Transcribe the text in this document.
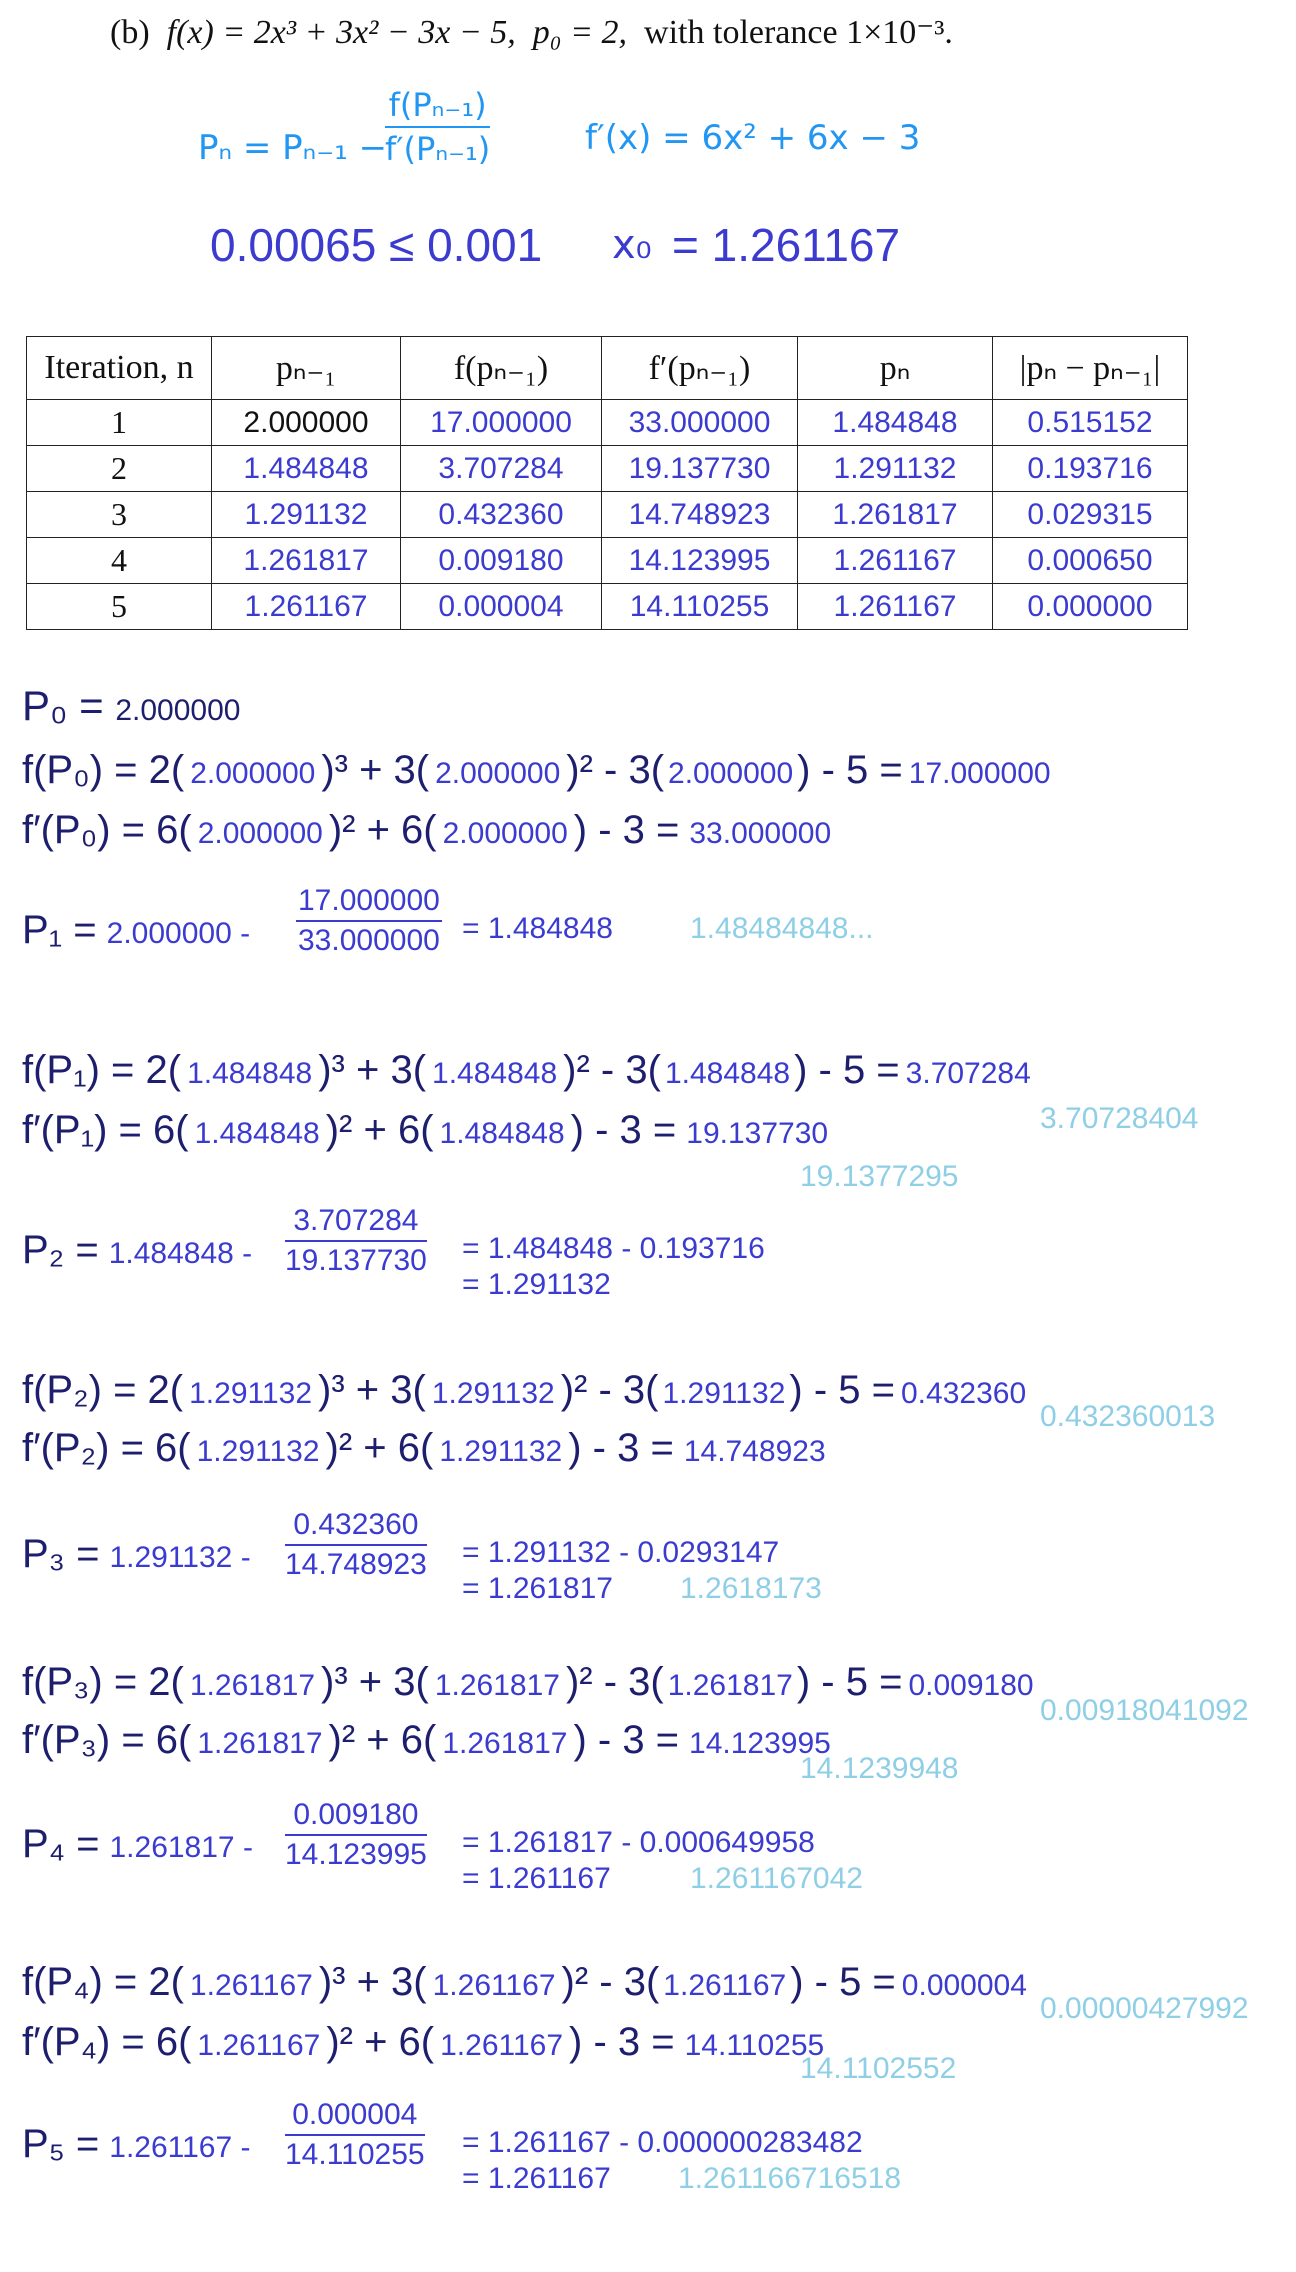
(b) f(x) = 2x³ + 3x² − 3x − 5, p₀ = 2, with tolerance 1×10⁻³.
Pₙ = Pₙ₋₁ −
$\frac{\text{f(Pₙ₋₁)}}{\text{f′(Pₙ₋₁)}}$	f′(x) = 6x² + 6x − 3
0.00065 ≤ 0.001 x₀ = 1.261167
Iteration, n	pₙ₋₁	f(pₙ₋₁)	f′(pₙ₋₁)	pₙ	|pₙ − pₙ₋₁|
1	2.000000	17.000000	33.000000	1.484848	0.515152
2	1.484848	3.707284	19.137730	1.291132	0.193716
3	1.291132	0.432360	14.748923	1.261817	0.029315
4	1.261817	0.009180	14.123995	1.261167	0.000650
5	1.261167	0.000004	14.110255	1.261167	0.000000
P₀ = 2.000000
f(P₀) = 2( 2.000000 )³ + 3( 2.000000 )² - 3( 2.000000 ) - 5 = 17.000000
f′(P₀) = 6( 2.000000 )² + 6( 2.000000 ) - 3 = 33.000000
$P_1 = 2.000000 - \frac{17.000000}{33.000000} = 1.484848$	1.48484848...
f(P₁) = 2( 1.484848 )³ + 3( 1.484848 )² - 3( 1.484848 ) - 5 = 3.707284
3.70728404
f′(P₁) = 6( 1.484848 )² + 6( 1.484848 ) - 3 = 19.137730
19.1377295
$P_2 = 1.484848 - \frac{3.707284}{19.137730} = 1.484848 - 0.193716$
= 1.291132
f(P₂) = 2( 1.291132 )³ + 3( 1.291132 )² - 3( 1.291132 ) - 5 = 0.432360
0.432360013
f′(P₂) = 6( 1.291132 )² + 6( 1.291132 ) - 3 = 14.748923
$P_3 = 1.291132 - \frac{0.432360}{14.748923} = 1.291132 - 0.0293147$
= 1.261817 1.2618173
f(P₃) = 2( 1.261817 )³ + 3( 1.261817 )² - 3( 1.261817 ) - 5 = 0.009180
0.00918041092
f′(P₃) = 6( 1.261817 )² + 6( 1.261817 ) - 3 = 14.123995
14.1239948
$P_4 = 1.261817 - \frac{0.009180}{14.123995} = 1.261817 - 0.000649958$
= 1.261167	1.261167042
f(P₄) = 2( 1.261167 )³ + 3( 1.261167 )² - 3( 1.261167 ) - 5 = 0.000004
0.00000427992
f′(P₄) = 6( 1.261167 )² + 6( 1.261167 ) - 3 = 14.110255
14.1102552
$P_5 = 1.261167 - \frac{0.000004}{14.110255} = 1.261167 - 0.000000283482$
= 1.261167 1.261166716518
